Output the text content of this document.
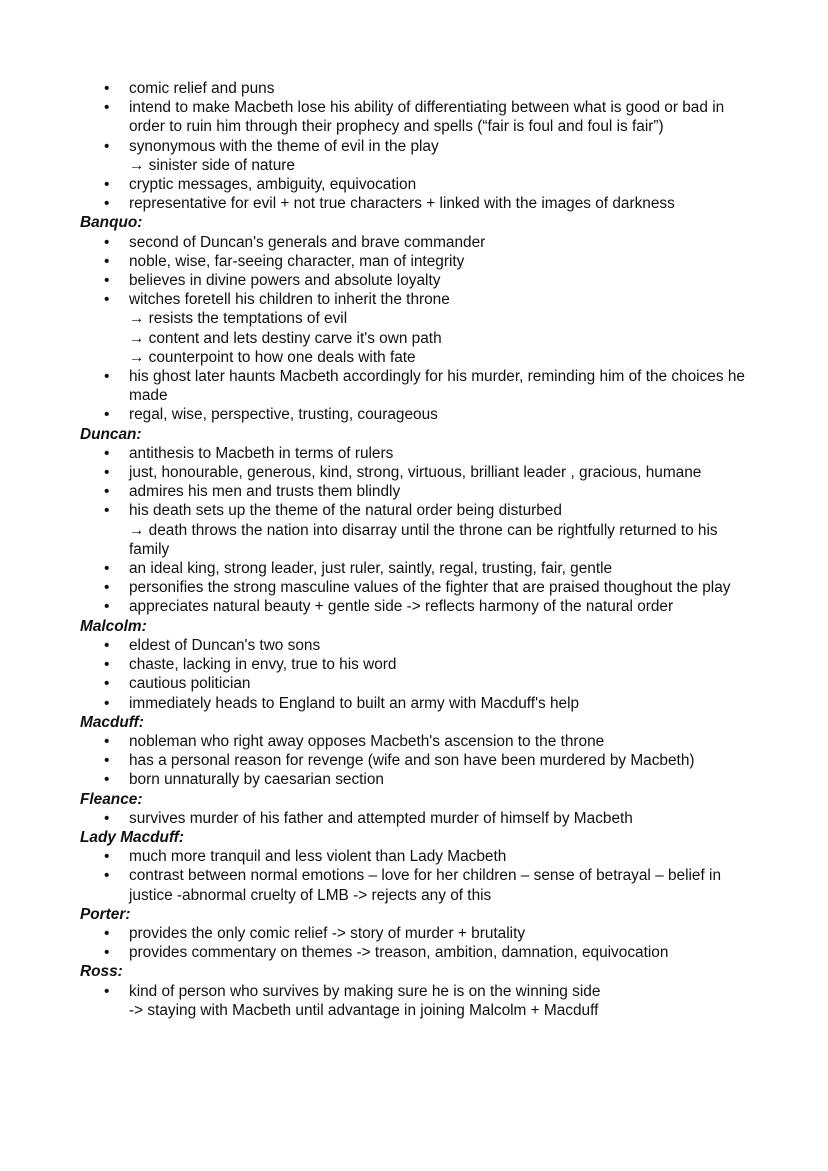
• comic relief and puns
• intend to make Macbeth lose his ability of differentiating between what is good or bad in order to ruin him through their prophecy and spells (“fair is foul and foul is fair”)
• synonymous with the theme of evil in the play
→ sinister side of nature
• cryptic messages, ambiguity, equivocation
• representative for evil + not true characters + linked with the images of darkness
Banquo:
• second of Duncan's generals and brave commander
• noble, wise, far-seeing character, man of integrity
• believes in divine powers and absolute loyalty
• witches foretell his children to inherit the throne
→ resists the temptations of evil
→ content and lets destiny carve it's own path
→ counterpoint to how one deals with fate
• his ghost later haunts Macbeth accordingly for his murder, reminding him of the choices he made
• regal, wise, perspective, trusting, courageous
Duncan:
• antithesis to Macbeth in terms of rulers
• just, honourable, generous, kind, strong, virtuous, brilliant leader , gracious, humane
• admires his men and trusts them blindly
• his death sets up the theme of the natural order being disturbed
→ death throws the nation into disarray until the throne can be rightfully returned to his family
• an ideal king, strong leader, just ruler, saintly, regal, trusting, fair, gentle
• personifies the strong masculine values of the fighter that are praised thoughout the play
• appreciates natural beauty + gentle side -> reflects harmony of the natural order
Malcolm:
• eldest of Duncan's two sons
• chaste, lacking in envy, true to his word
• cautious politician
• immediately heads to England to built an army with Macduff's help
Macduff:
• nobleman who right away opposes Macbeth's ascension to the throne
• has a personal reason for revenge (wife and son have been murdered by Macbeth)
• born unnaturally by caesarian section
Fleance:
• survives murder of his father and attempted murder of himself by Macbeth
Lady Macduff:
• much more tranquil and less violent than Lady Macbeth
• contrast between normal emotions – love for her children – sense of betrayal – belief in justice -abnormal cruelty of LMB -> rejects any of this
Porter:
• provides the only comic relief -> story of murder + brutality
• provides commentary on themes -> treason, ambition, damnation, equivocation
Ross:
• kind of person who survives by making sure he is on the winning side
-> staying with Macbeth until advantage in joining Malcolm + Macduff
